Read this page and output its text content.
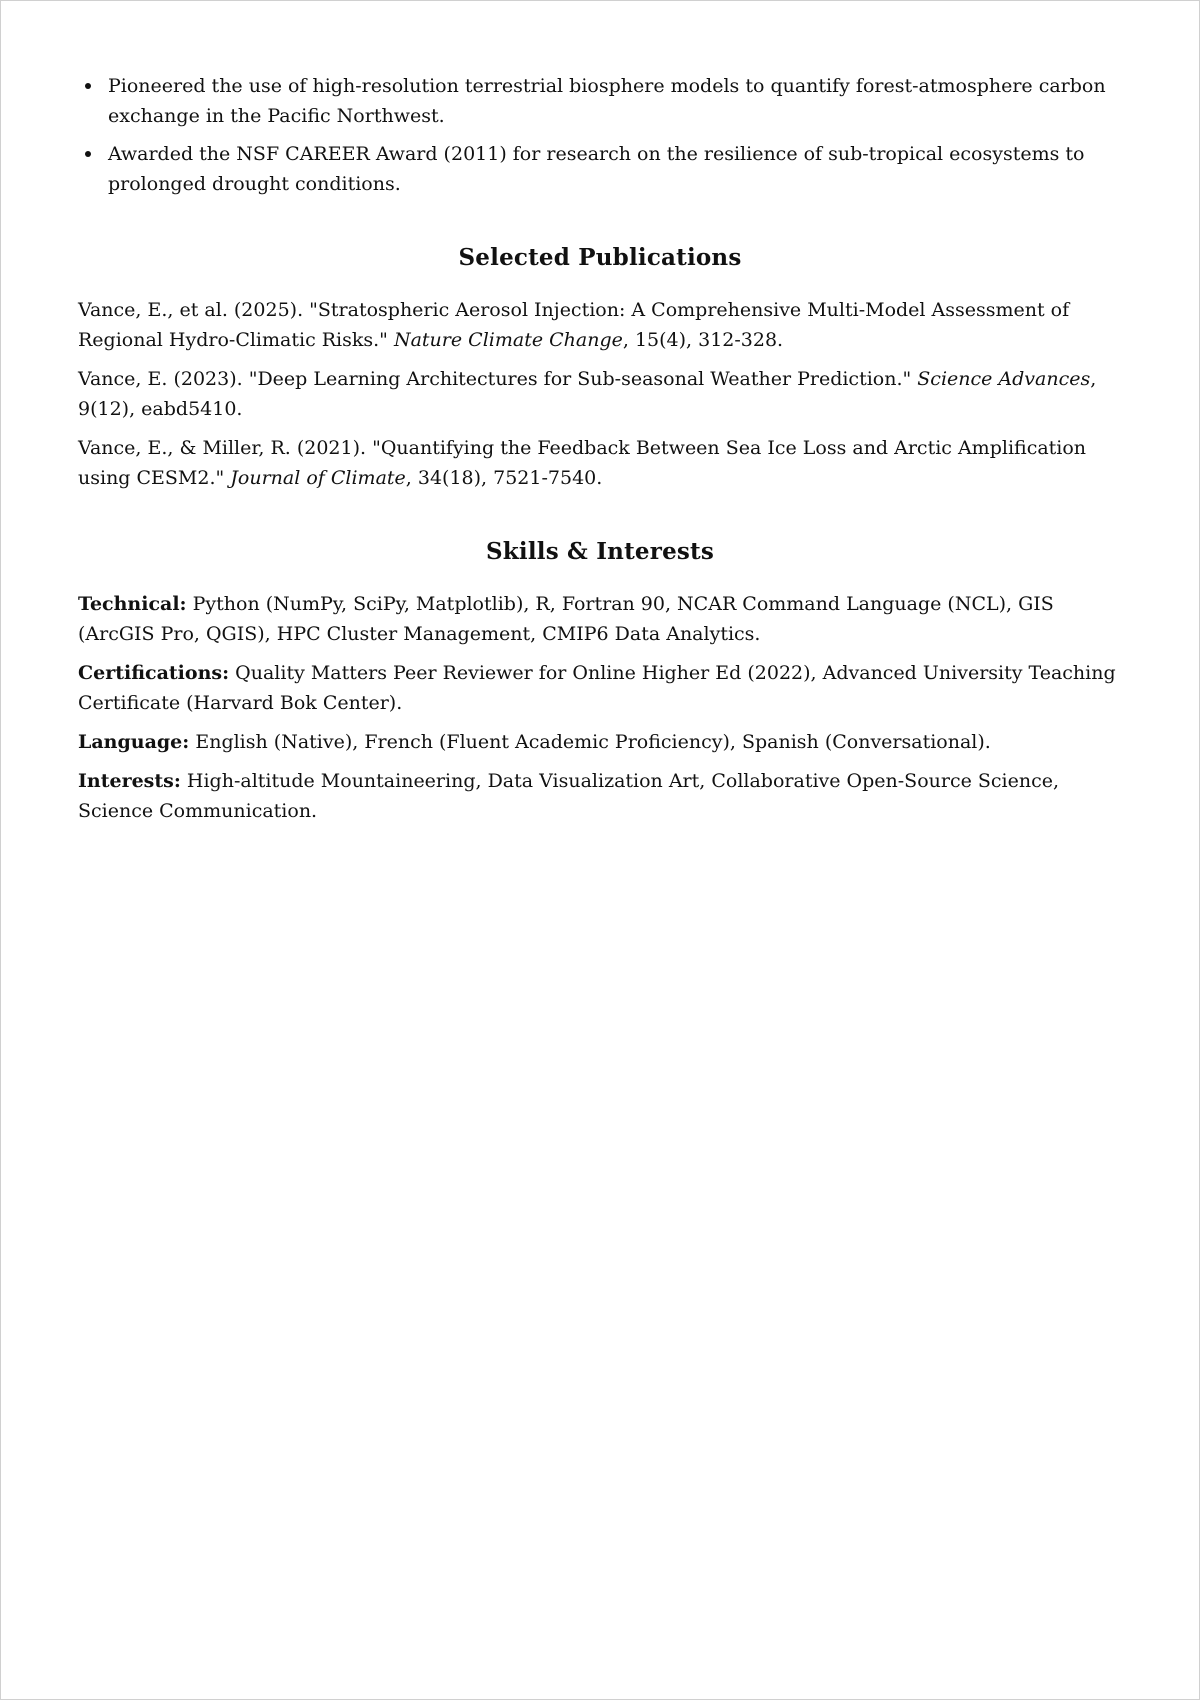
Pioneered the use of high-resolution terrestrial biosphere models to quantify forest-atmosphere carbon exchange in the Pacific Northwest.
Awarded the NSF CAREER Award (2011) for research on the resilience of sub-tropical ecosystems to prolonged drought conditions.
Selected Publications

Vance, E., et al. (2025). "Stratospheric Aerosol Injection: A Comprehensive Multi-Model Assessment of Regional Hydro-Climatic Risks." Nature Climate Change, 15(4), 312-328.

Vance, E. (2023). "Deep Learning Architectures for Sub-seasonal Weather Prediction." Science Advances, 9(12), eabd5410.

Vance, E., & Miller, R. (2021). "Quantifying the Feedback Between Sea Ice Loss and Arctic Amplification using CESM2." Journal of Climate, 34(18), 7521-7540.

Skills & Interests

Technical: Python (NumPy, SciPy, Matplotlib), R, Fortran 90, NCAR Command Language (NCL), GIS (ArcGIS Pro, QGIS), HPC Cluster Management, CMIP6 Data Analytics.

Certifications: Quality Matters Peer Reviewer for Online Higher Ed (2022), Advanced University Teaching Certificate (Harvard Bok Center).

Language: English (Native), French (Fluent Academic Proficiency), Spanish (Conversational).

Interests: High-altitude Mountaineering, Data Visualization Art, Collaborative Open-Source Science, Science Communication.
